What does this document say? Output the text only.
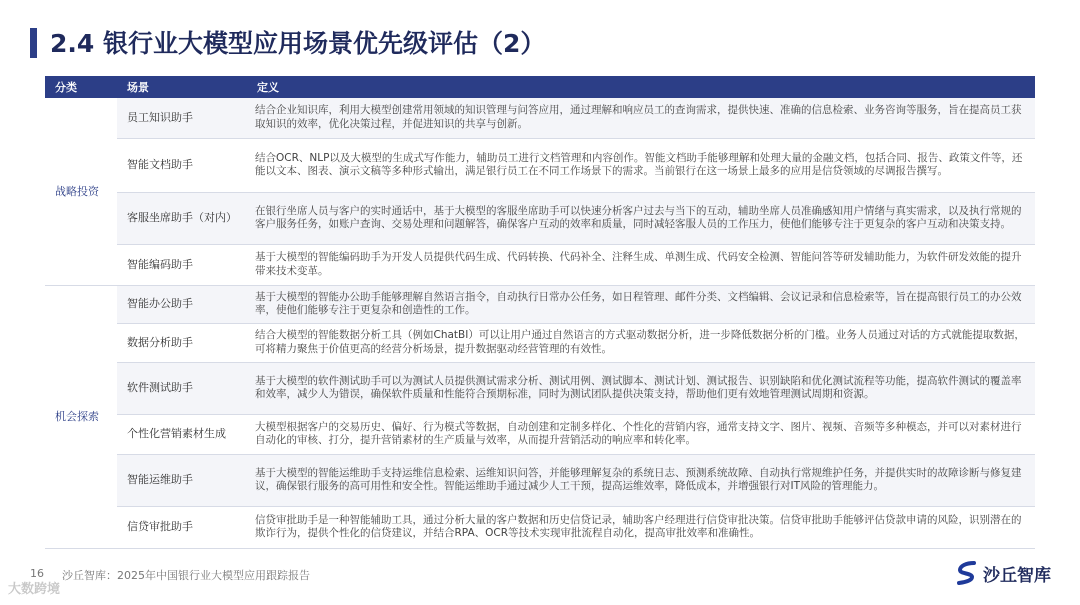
2.4 银行业大模型应用场景优先级评估（2）
分类	场景	定义
战略投资	员工知识助手	结合企业知识库，利用大模型创建常用领域的知识管理与问答应用，通过理解和响应员工的查询需求，提供快速、准确的信息检索、业务咨询等服务，旨在提高员工获取知识的效率，优化决策过程，并促进知识的共享与创新。
	智能文档助手	结合OCR、NLP以及大模型的生成式写作能力，辅助员工进行文档管理和内容创作。智能文档助手能够理解和处理大量的金融文档，包括合同、报告、政策文件等，还能以文本、图表、演示文稿等多种形式输出，满足银行员工在不同工作场景下的需求。当前银行在这一场景上最多的应用是信贷领域的尽调报告撰写。
	客服坐席助手（对内）	在银行坐席人员与客户的实时通话中，基于大模型的客服坐席助手可以快速分析客户过去与当下的互动，辅助坐席人员准确感知用户情绪与真实需求，以及执行常规的客户服务任务，如账户查询、交易处理和问题解答，确保客户互动的效率和质量，同时减轻客服人员的工作压力，使他们能够专注于更复杂的客户互动和决策支持。
	智能编码助手	基于大模型的智能编码助手为开发人员提供代码生成、代码转换、代码补全、注释生成、单测生成、代码安全检测、智能问答等研发辅助能力，为软件研发效能的提升带来技术变革。
机会探索	智能办公助手	基于大模型的智能办公助手能够理解自然语言指令，自动执行日常办公任务，如日程管理、邮件分类、文档编辑、会议记录和信息检索等，旨在提高银行员工的办公效率，使他们能够专注于更复杂和创造性的工作。
	数据分析助手	结合大模型的智能数据分析工具（例如ChatBI）可以让用户通过自然语言的方式驱动数据分析，进一步降低数据分析的门槛。业务人员通过对话的方式就能提取数据，可将精力聚焦于价值更高的经营分析场景，提升数据驱动经营管理的有效性。
	软件测试助手	基于大模型的软件测试助手可以为测试人员提供测试需求分析、测试用例、测试脚本、测试计划、测试报告、识别缺陷和优化测试流程等功能，提高软件测试的覆盖率和效率，减少人为错误，确保软件质量和性能符合预期标准，同时为测试团队提供决策支持，帮助他们更有效地管理测试周期和资源。
	个性化营销素材生成	大模型根据客户的交易历史、偏好、行为模式等数据，自动创建和定制多样化、个性化的营销内容，通常支持文字、图片、视频、音频等多种模态，并可以对素材进行自动化的审核、打分，提升营销素材的生产质量与效率，从而提升营销活动的响应率和转化率。
	智能运维助手	基于大模型的智能运维助手支持运维信息检索、运维知识问答，并能够理解复杂的系统日志、预测系统故障、自动执行常规维护任务，并提供实时的故障诊断与修复建议，确保银行服务的高可用性和安全性。智能运维助手通过减少人工干预，提高运维效率，降低成本，并增强银行对IT风险的管理能力。
	信贷审批助手	信贷审批助手是一种智能辅助工具，通过分析大量的客户数据和历史信贷记录，辅助客户经理进行信贷审批决策。信贷审批助手能够评估贷款申请的风险，识别潜在的欺诈行为，提供个性化的信贷建议，并结合RPA、OCR等技术实现审批流程自动化，提高审批效率和准确性。
16 沙丘智库：2025年中国银行业大模型应用跟踪报告
大数跨境
沙丘智库
